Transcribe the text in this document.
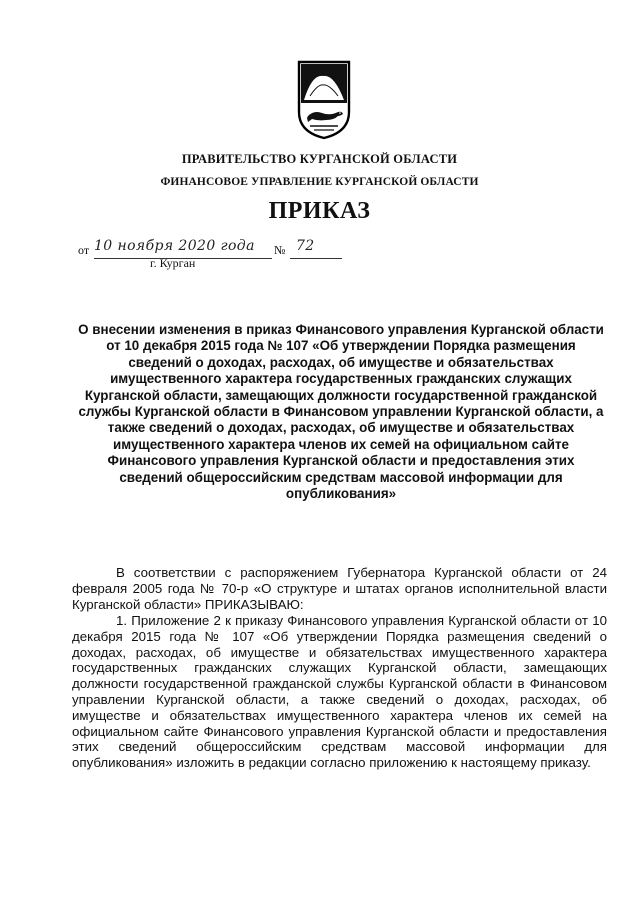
ПРАВИТЕЛЬСТВО КУРГАНСКОЙ ОБЛАСТИ
ФИНАНСОВОЕ УПРАВЛЕНИЕ КУРГАНСКОЙ ОБЛАСТИ
ПРИКАЗ
от 10 ноября 2020 года № 72
г. Курган
О внесении изменения в приказ Финансового управления Курганской области от 10 декабря 2015 года № 107 «Об утверждении Порядка размещения сведений о доходах, расходах, об имуществе и обязательствах имущественного характера государственных гражданских служащих Курганской области, замещающих должности государственной гражданской службы Курганской области в Финансовом управлении Курганской области, а также сведений о доходах, расходах, об имуществе и обязательствах имущественного характера членов их семей на официальном сайте Финансового управления Курганской области и предоставления этих сведений общероссийским средствам массовой информации для опубликования»
В соответствии с распоряжением Губернатора Курганской области от 24 февраля 2005 года № 70-р «О структуре и штатах органов исполнительной власти Курганской области» ПРИКАЗЫВАЮ:
1. Приложение 2 к приказу Финансового управления Курганской области от 10 декабря 2015 года № 107 «Об утверждении Порядка размещения сведений о доходах, расходах, об имуществе и обязательствах имущественного характера государственных гражданских служащих Курганской области, замещающих должности государственной гражданской службы Курганской области в Финансовом управлении Курганской области, а также сведений о доходах, расходах, об имуществе и обязательствах имущественного характера членов их семей на официальном сайте Финансового управления Курганской области и предоставления этих сведений общероссийским средствам массовой информации для опубликования» изложить в редакции согласно приложению к настоящему приказу.
